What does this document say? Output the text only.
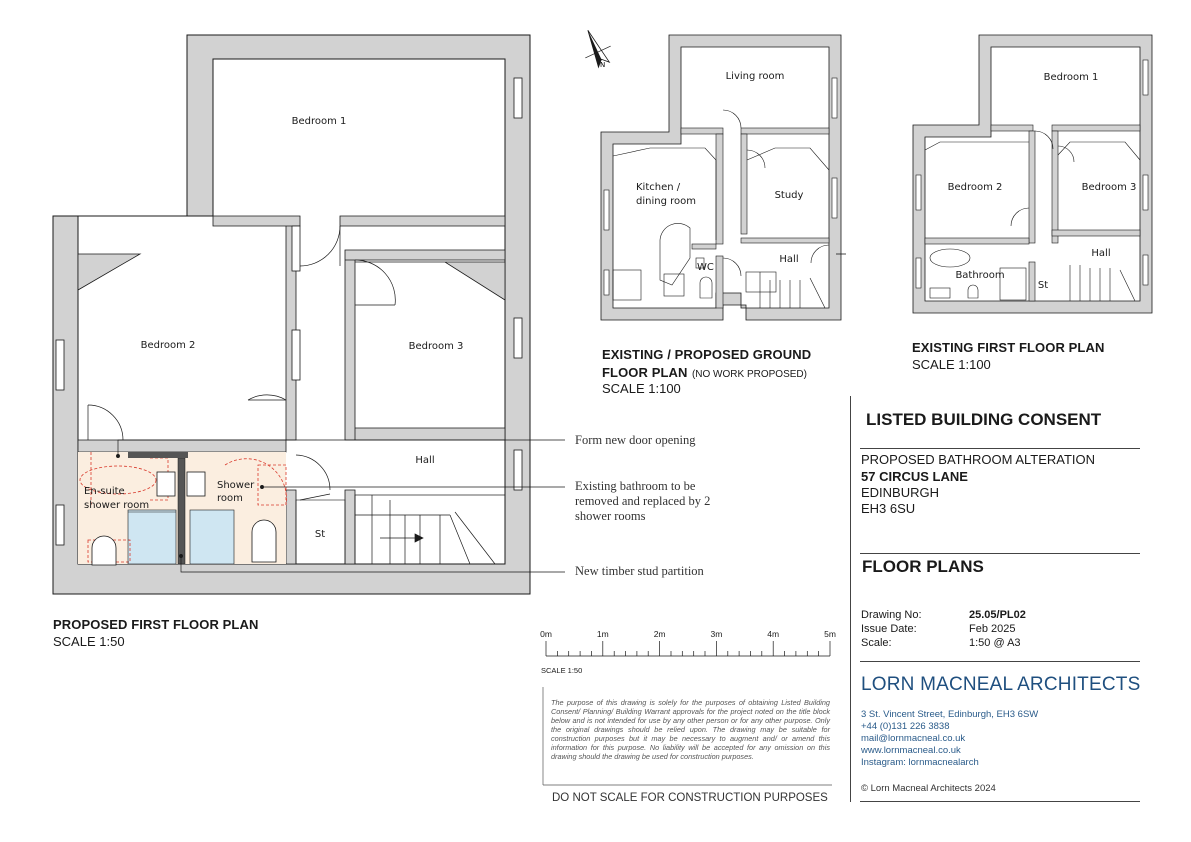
Bedroom 1
Bedroom 2	Bedroom 3
Hall
En-suite
shower room
Shower
room
St
Form new door opening
Existing bathroom to be
removed and replaced by 2
shower rooms
New timber stud partition
N
Living room
Kitchen /
dining room
Study
Hall
WC
Bedroom 1
Bedroom 2	Bedroom 3
Hall
Bathroom
St
0m	1m	2m	3m	4m	5m
SCALE 1:50
PROPOSED FIRST FLOOR PLAN
SCALE 1:50
EXISTING / PROPOSED GROUND
FLOOR PLAN (NO WORK PROPOSED)
SCALE 1:100
EXISTING FIRST FLOOR PLAN
SCALE 1:100
The purpose of this drawing is solely for the purposes of obtaining Listed Building Consent/ Planning/ Building Warrant approvals for the project noted on the title block below and is not intended for use by any other person or for any other purpose. Only the original drawings should be relied upon. The drawing may be suitable for construction purposes but it may be necessary to augment and/ or amend this information for this purpose. No liability will be accepted for any omission on this drawing should the drawing be used for construction purposes.
DO NOT SCALE FOR CONSTRUCTION PURPOSES
LISTED BUILDING CONSENT
PROPOSED BATHROOM ALTERATION
57 CIRCUS LANE
EDINBURGH
EH3 6SU
FLOOR PLANS
Drawing No:	25.05/PL02
Issue Date:	Feb 2025
Scale:	1:50 @ A3
LORN MACNEAL ARCHITECTS
3 St. Vincent Street, Edinburgh, EH3 6SW
+44 (0)131 226 3838
mail@lornmacneal.co.uk
www.lornmacneal.co.uk
Instagram: lornmacnealarch
© Lorn Macneal Architects 2024
